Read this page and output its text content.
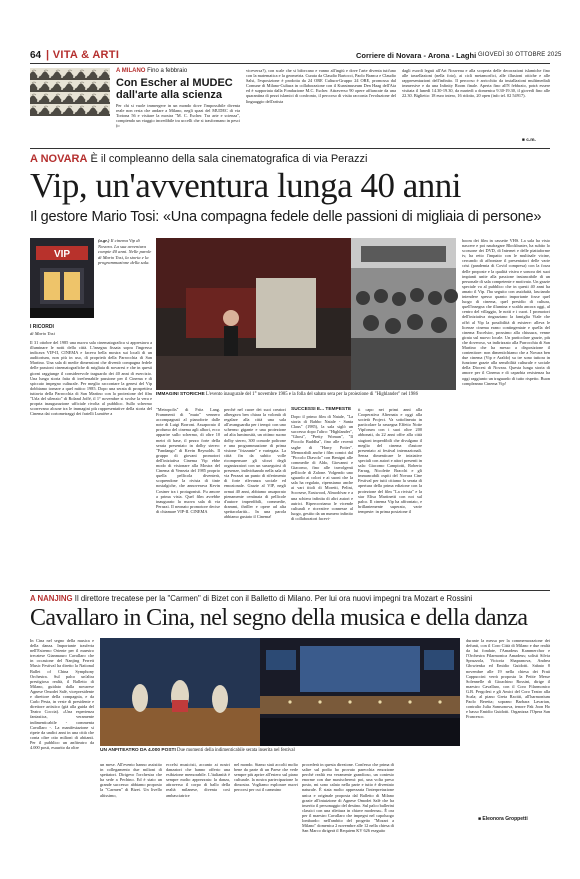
64 | VITA & ARTI	Corriere di Novara - Arona - Laghi GIOVEDÌ 30 OTTOBRE 2025
A MILANO Fino a febbraio
Con Escher al MUDEC dall'arte alla scienza

Per chi si vuole immergere in un mondo dove l'impossibile diventa reale non resta che andare a Milano, negli spazi del MUDEC di via Tortona 56 e visitare la mostra "M. C. Escher. Tra arte e scienza", compiendo un viaggio incredibile tra uccelli che si trasformano in pesci (o

viceversa?), con scale che si biforcano e vanno all'ingiù e dove l'arte diventa tutt'uno con la matematica e la geometria. Curata da Claudio Bartocci, Paolo Branca e Claudio Salsi, l'esposizione è prodotta da 24 ORE Cultura-Gruppo 24 ORE, promossa dal Comune di Milano-Cultura in collaborazione con il Kunstmuseum Den Haag dell'Aia ed è supportata dalla Fondazione M.C. Escher. Attraverso 90 opere affiancate da una quarantina di pezzi islamici di confronto, il percorso di visita racconta l'evoluzione del linguaggio dell'artista

dagli esordi legati all'Art Nouveau e alla scoperta delle decorazioni islamiche fino alle tassellazioni (nella foto), ai cicli metamorfici, alle illusioni ottiche e alle rappresentazioni dell'infinito. Il percorso è arricchito da installazioni multimediali immersive e da una Infinity Room finale. Aperta fino all'8 febbraio, potrà essere visitata il lunedì 14.30-19.30, da martedì a domenica 9.30-19.30, il giovedì fino alle 22.30. Biglietto: 18 euro intero, 16 ridotto, 20 open (info tel. 02 54917).

■ c.m.
A NOVARA È il compleanno della sala cinematografica di via Perazzi
Vip, un'avventura lunga 40 anni
Il gestore Mario Tosi: «Una compagna fedele delle passioni di migliaia di persone»
VIP
(a.gr.) Il cinema Vip di Novara. La sua avventura compie 40 anni. Nelle parole di Mario Tosi, la storia e la programmazione della sala.
I RICORDI
di Mario Tosi

Il 31 ottobre del 1985 una nuova sala cinematografica si apprestava a illuminare le notti della città. L'insegna fissata sopra l'ingresso indicava VIP-II, CINEMA e faceva bella mostra sui locali di un auditorium, non più in uso, di proprietà della Parrocchia di San Martino. Una sala di medie dimensioni che diventò compagna fedele delle passioni cinematografiche di migliaia di novaresi e che in questi giorni raggiunge il considerevole traguardo dei 40 anni di esercizio. Una lunga storia fatta di irrefrenabile passione per il Cinema e di spiccato impegno culturale. Per meglio raccontare la genesi del Vip dobbiamo tornare a quel mitico 1985. Dopo una serata di prospettiva tuttavia della Parrocchia di San Martino con la proiezione del film "Urla del silenzio" di Roland Joffé, il 1° novembre si svolse la vera e propria inaugurazione ufficiale rivolta al pubblico. Sullo schermo scorrevano alcune tra le immagini più rappresentative della storia del Cinema dai cortometraggi dei fratelli Lumière a

IMMAGINI STORICHE L'evento inaugurale del 1° novembre 1985 e la folla del sabato sera per la proiezione di "Highlander" nel 1986

"Metropolis" di Fritz Lang. Frammenti di "muto" vennero accompagnati al pianoforte dalle note di Luigi Borroni. Assaporato il profumo del cinema agli albori, ecco apparire sullo schermo, di oltre 10 metri di base, il pezzo forte della serata presentato in dolby stereo: "Fandango" di Kevin Reynolds. Il gruppo di giovani promotori dell'iniziativa Cinema Vip ebbe modo di visionare alla Mostra del Cinema di Venezia del 1985 proprio quella pellicola diventerà, scoprendone la rivista di tinte nostalgiche, che annoverava Kevin Costner tra i protagonisti. Fu amore a prima vista. Quel film avrebbe inaugurato la nuova sala di via Perazzi. Il neonato promotore decise di chiamare VIP-II. CINEMA

perché nel cuore dei suoi creatori albergava ben chiara la volontà di regalare alla città una sala all'avanguardia per i tempi: con uno schermo gigante e una proiezione ad alta luminosità, un ottimo suono dolby stereo, 300 comode poltrone e una programmazione di prima visione "frizzante" e variegata. La città fin da subito volle ricompensare gli sforzi degli organizzatori con un susseguirsi di presenze, individuando nella sala di via Perazzi un punto di riferimento di forte rilevanza sociale ed emozionale. Grazie al VIP, negli ormai 40 anni, abbiamo assaporato pienamente centinaia di pellicole d'autore imperdibili, commedie, drammi, thriller e opere ad alta spettacolarità... In una parola abbiamo gustato il Cinema!

SUCCESSI E... TEMPESTE

Dopo il primo film di Natale, "La storia di Babbo Natale - Santa Claus" (1985), la sala siglò un successo dopo l'altro: "Highlander", "Ghost", "Pretty Woman", "Il Piccolo Buddha", fino alle recenti saghe di "Harry Potter". Memorabili anche i film comici dal "Piccolo Diavolo" con Benigni alle commedie di Aldo, Giovanni e Giacomo, fino alle travolgenti pellicole di Zalone. Volgendo uno sguardo ai colori e ai suoni che la sala ha regalato, ripensiamo anche ai vari titoli di Moretti, Pelini, Scorsese, Eastwood, Almodóvar e a una schiera infinita di altri autori e autrici. Ripercorriamo le vicende culturali e ricreative connesse al luogo, gestito da un numero infinito di collaboratori facevi-

ti capo nei primi anni alla Cooperativa Alternata e oggi alla società Project. Va sottolineata in particolare la rassegna Effetto Notte Vipforum con i suoi oltre 200 abbonati, da 22 anni offre alla città stagioni imperdibili che divulgano il meglio del cinema d'autore presentato ai festival internazionali. Senza dimenticare le iniziative speciali con autori e attori presenti in sala: Giacomo Campiotti, Roberto Farrag, Nicolette Bracchi e gli immancabili ospiti del Novara Cine Festival per tutti citiamo la serata di apertura della prima edizione con la proiezione del film "La rivista" e la star Elisa Martinetti con noi sul palco. Il cinema Vip ha affrontato, e brillantemente superato, varie tempeste: in prima posizione il

boom dei film in cassette VHS. La sala ha visto nascere e poi naufragare Blockbuster, ha subito lo scossone dei DVD, di Internet e delle piattaforme tv, ha retto l'impatto con le multisale vicine, cercando di affrontare il presentatori delle varie crisi (pandemia di Covid compresa) con la forza delle proposte e la qualità visiva e sonora dei suoi impianti unite alla passione instancabile di un personale di sala competente e motivato. Un grazie speciale va al pubblico che in questi 40 anni ha amato il Vip. l'ha seguito con assiduità, lasciando intendere spesso quanto importante fosse quel luogo di cinema, quel presidio di cultura, quell'insegna che illumina e scalda ancora oggi, al centro del villaggio, le notti e i cuori. I promotori dell'iniziativa ringraziano la famiglia Viale che offrì al Vip la possibilità di esistere: alleva le licenze cinema erano contingentate e quella del cinema Excelsior, prossimo alla chiusura, venne girata sul nuovo locale. Un particolare grazie, più che doveroso, va indirizzato alla Parrocchia di San Martino che ha messo a disposizione il contenitore: non dimentichiamo che a Novara ben due cinema (Vip e Araldo) su tre sono tuttora in funzione grazie alla sensibilità culturale e sociale della Diocesi di Novara. Questa lunga storia di amore per il Cinema e di caparbia resistenza ha oggi raggiunto un traguardo di tutto rispetto. Buon compleanno Cinema Vip!

A NANJING Il direttore trecatese per la "Carmen" di Bizet con il Balletto di Milano. Per lui ora nuovi impegni tra Mozart e Rossini
Cavallaro in Cina, nel segno della musica e della danza

In Cina nel segno della musica e della danza. Importante trasferta nell'Estremo Oriente per il maestro trecatese Gianmauro Cavallaro che in occasione del Nanjing Ferrett Music Festival ha diretto la National Ballet of China Symphony Orchestra. Sul palco un'altra prestigiosa realtà, il Balletto di Milano, guidato dalla novarese Agnese Omodei Salè, vicepresidente e direttore della compagnia, e da Carlo Pesta, in veste di presidente e direttore artistico (già alla guida del Teatro Coccia). «Una esperienza fantastica, veramente indimenticabile - commenta Cavallaro -. La manifestazione si ripete da undici anni in una città che conta oltre otto milioni di abitanti. Per il pubblico un anfiteatro da 4.000 posti, esaurito da oltre

UN ANFITEATRO DA 4.000 POSTI Due momenti della indimenticabile serata inserita nel festival

un mese. All'evento hanno assistito in collegamento due milioni di spettatori. Dirigevo l'orchestra che ha sede a Pechino. Ed è stato un grande successo: abbiamo proposto la "Carmen" di Bizet. Un livello altissimo,

eccelsi musicisti, accanto ai nostri danzatori che hanno offerto una esibizione memorabile. L'italianità è sempre molto apprezzata: la danza, attraverso il corpo di ballo della realtà milanese, diventa così ambasciatrice

nel mondo. Siamo stati accolti molto bene da parte di un Paese che vede sempre più aprire all'estero sul piano culturale. la nostra partecipazione lo dimostra. Vogliamo esplorare nuovi percorsi per cui il cammino

procederà in questa direzione. Confesso che prima di salire sul podio ho provato parecchia emozione perché realtà era veramente grandioso, un contesto enorme con due maxischermi: poi, una volta preso posto, mi sono calato nella parte e tutto è diventato naturale. È stata molto apprezzata l'interpretazione unica e originale proposta dal Balletto di Milano grazie all'intuizione di Agnese Omodei Salè che ha inserito il personaggio del destino. Sul palco ballerini classici con una rilettura in chiave moderna». È ora per il maestro Cavallaro che impegni nel capoluogo lombardo: nell'ambito del progetto "Mozart a Milano" domenica 2 novembre alle 12 nella chiesa di San Marco dirigerà il Requiem KV 626 eseguito

durante la messa per la commemorazione dei defunti, con il Coro Città di Milano e due realtà da lui fondate, l'Amadeus Kammerchor e l'Orchestra Filarmonica Amadeus; solisti Silvia Spruzzola, Victoria Shapranova, Andrea Głowienka ed Emidio Guidotti. Sabato 8 novembre alle 19 nella chiesa dei Frati Cappuccini verrà proposta la Petite Messe Solennelle di Gioachino Rossini, dirige il maestro Cavallaro, con il Coro Filarmonico G.B. Pergolesi e gli Amici del Coro Teatro alla Scala; al piano Greta Racitti, all'harmonium Paolo Beretta; soprano Barbara Lavarian, contralto Julia Samsonova, tenore Pak Joon Ho e basso Emidio Guidotti. Organizza l'Opera San Francesco.

■ Eleonora Groppetti
